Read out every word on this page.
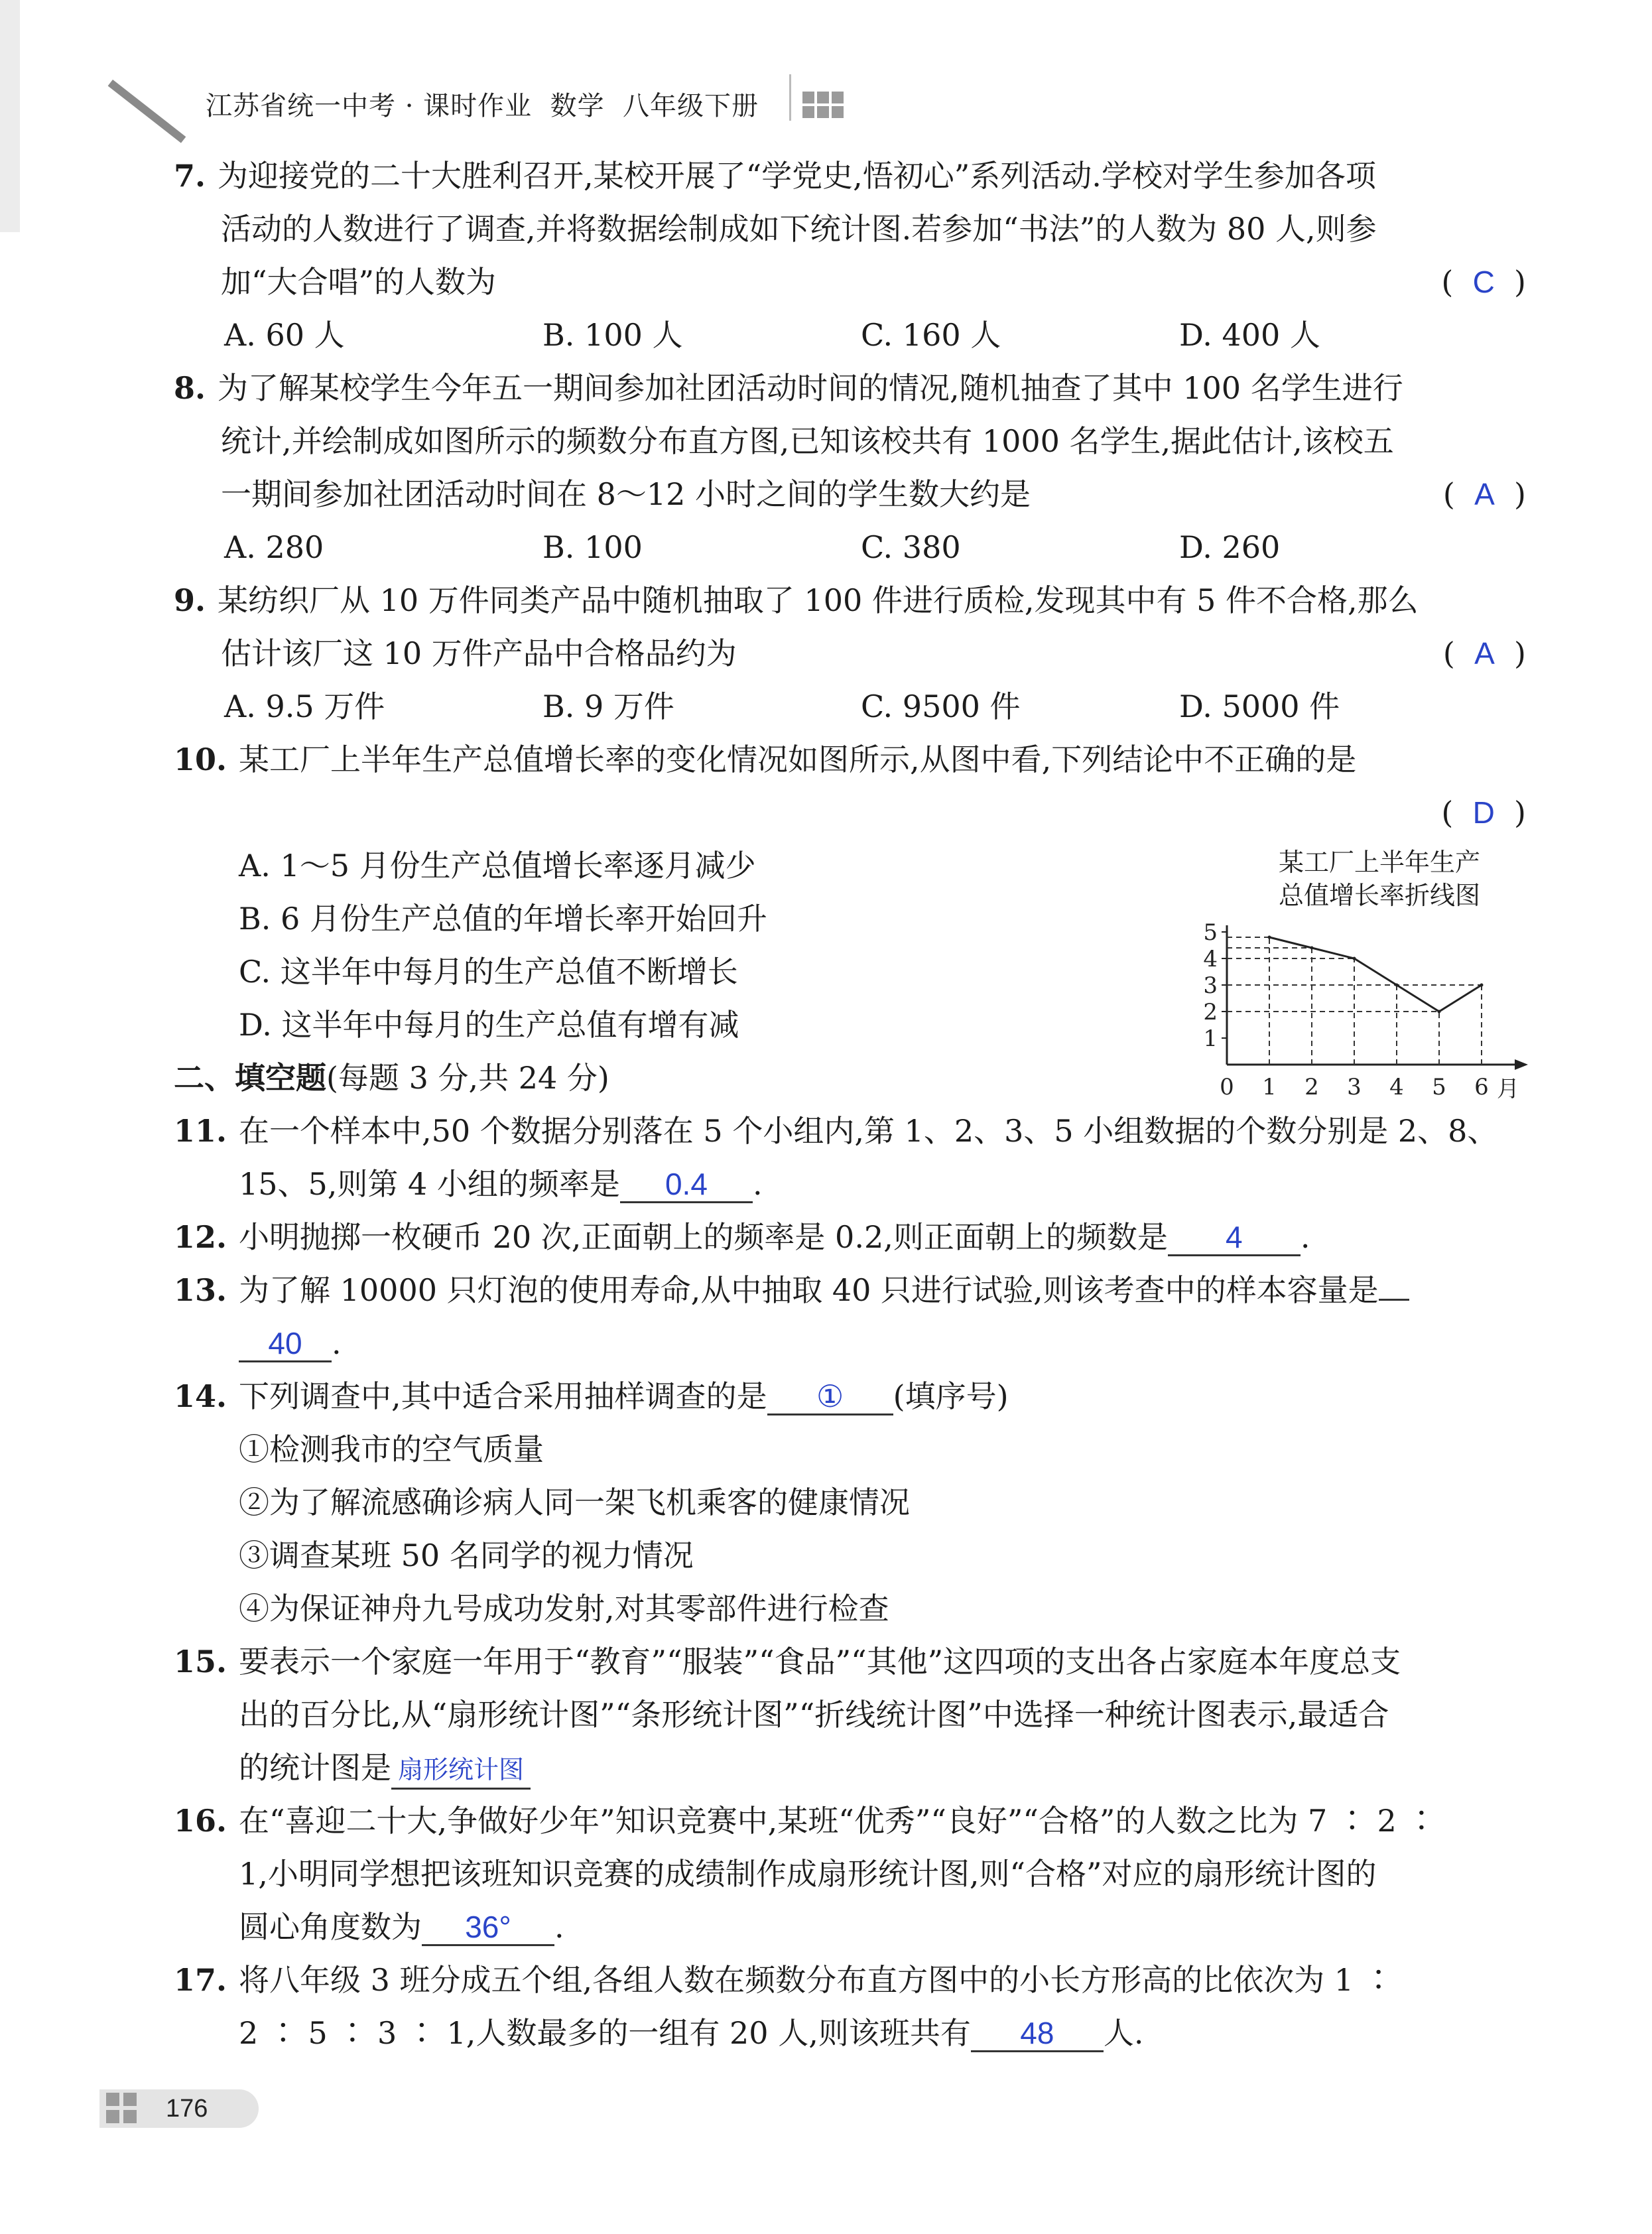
江苏省统一中考 · 课时作业  数学  八年级下册
7. 为迎接党的二十大胜利召开,某校开展了“学党史,悟初心”系列活动.学校对学生参加各项
活动的人数进行了调查,并将数据绘制成如下统计图.若参加“书法”的人数为 80 人,则参
加“大合唱”的人数为	(  C  )
A. 60 人	B. 100 人	C. 160 人	D. 400 人
8. 为了解某校学生今年五一期间参加社团活动时间的情况,随机抽查了其中 100 名学生进行
统计,并绘制成如图所示的频数分布直方图,已知该校共有 1000 名学生,据此估计,该校五
一期间参加社团活动时间在 8～12 小时之间的学生数大约是	(  A  )
A. 280	B. 100	C. 380	D. 260
9. 某纺织厂从 10 万件同类产品中随机抽取了 100 件进行质检,发现其中有 5 件不合格,那么
估计该厂这 10 万件产品中合格品约为	(  A  )
A. 9.5 万件	B. 9 万件	C. 9500 件	D. 5000 件
10. 某工厂上半年生产总值增长率的变化情况如图所示,从图中看,下列结论中不正确的是
(  D  )
A. 1～5 月份生产总值增长率逐月减少
B. 6 月份生产总值的年增长率开始回升
C. 这半年中每月的生产总值不断增长
D. 这半年中每月的生产总值有增有减
某工厂上半年生产
总值增长率折线图
1
2
3
4
5
0 1 2 3 4 5 6 月
二、填空题(每题 3 分,共 24 分)
11. 在一个样本中,50 个数据分别落在 5 个小组内,第 1、2、3、5 小组数据的个数分别是 2、8、
15、5,则第 4 小组的频率是 0.4 .
12. 小明抛掷一枚硬币 20 次,正面朝上的频率是 0.2,则正面朝上的频数是 4 .
13. 为了解 10000 只灯泡的使用寿命,从中抽取 40 只进行试验,则该考查中的样本容量是
40 .
14. 下列调查中,其中适合采用抽样调查的是 ① (填序号)
①检测我市的空气质量
②为了解流感确诊病人同一架飞机乘客的健康情况
③调查某班 50 名同学的视力情况
④为保证神舟九号成功发射,对其零部件进行检查
15. 要表示一个家庭一年用于“教育”“服装”“食品”“其他”这四项的支出各占家庭本年度总支
出的百分比,从“扇形统计图”“条形统计图”“折线统计图”中选择一种统计图表示,最适合
的统计图是 扇形统计图
16. 在“喜迎二十大,争做好少年”知识竞赛中,某班“优秀”“良好”“合格”的人数之比为 7 ∶ 2 ∶
1,小明同学想把该班知识竞赛的成绩制作成扇形统计图,则“合格”对应的扇形统计图的
圆心角度数为 36° .
17. 将八年级 3 班分成五个组,各组人数在频数分布直方图中的小长方形高的比依次为 1 ∶
2 ∶ 5 ∶ 3 ∶ 1,人数最多的一组有 20 人,则该班共有 48 人.
176
